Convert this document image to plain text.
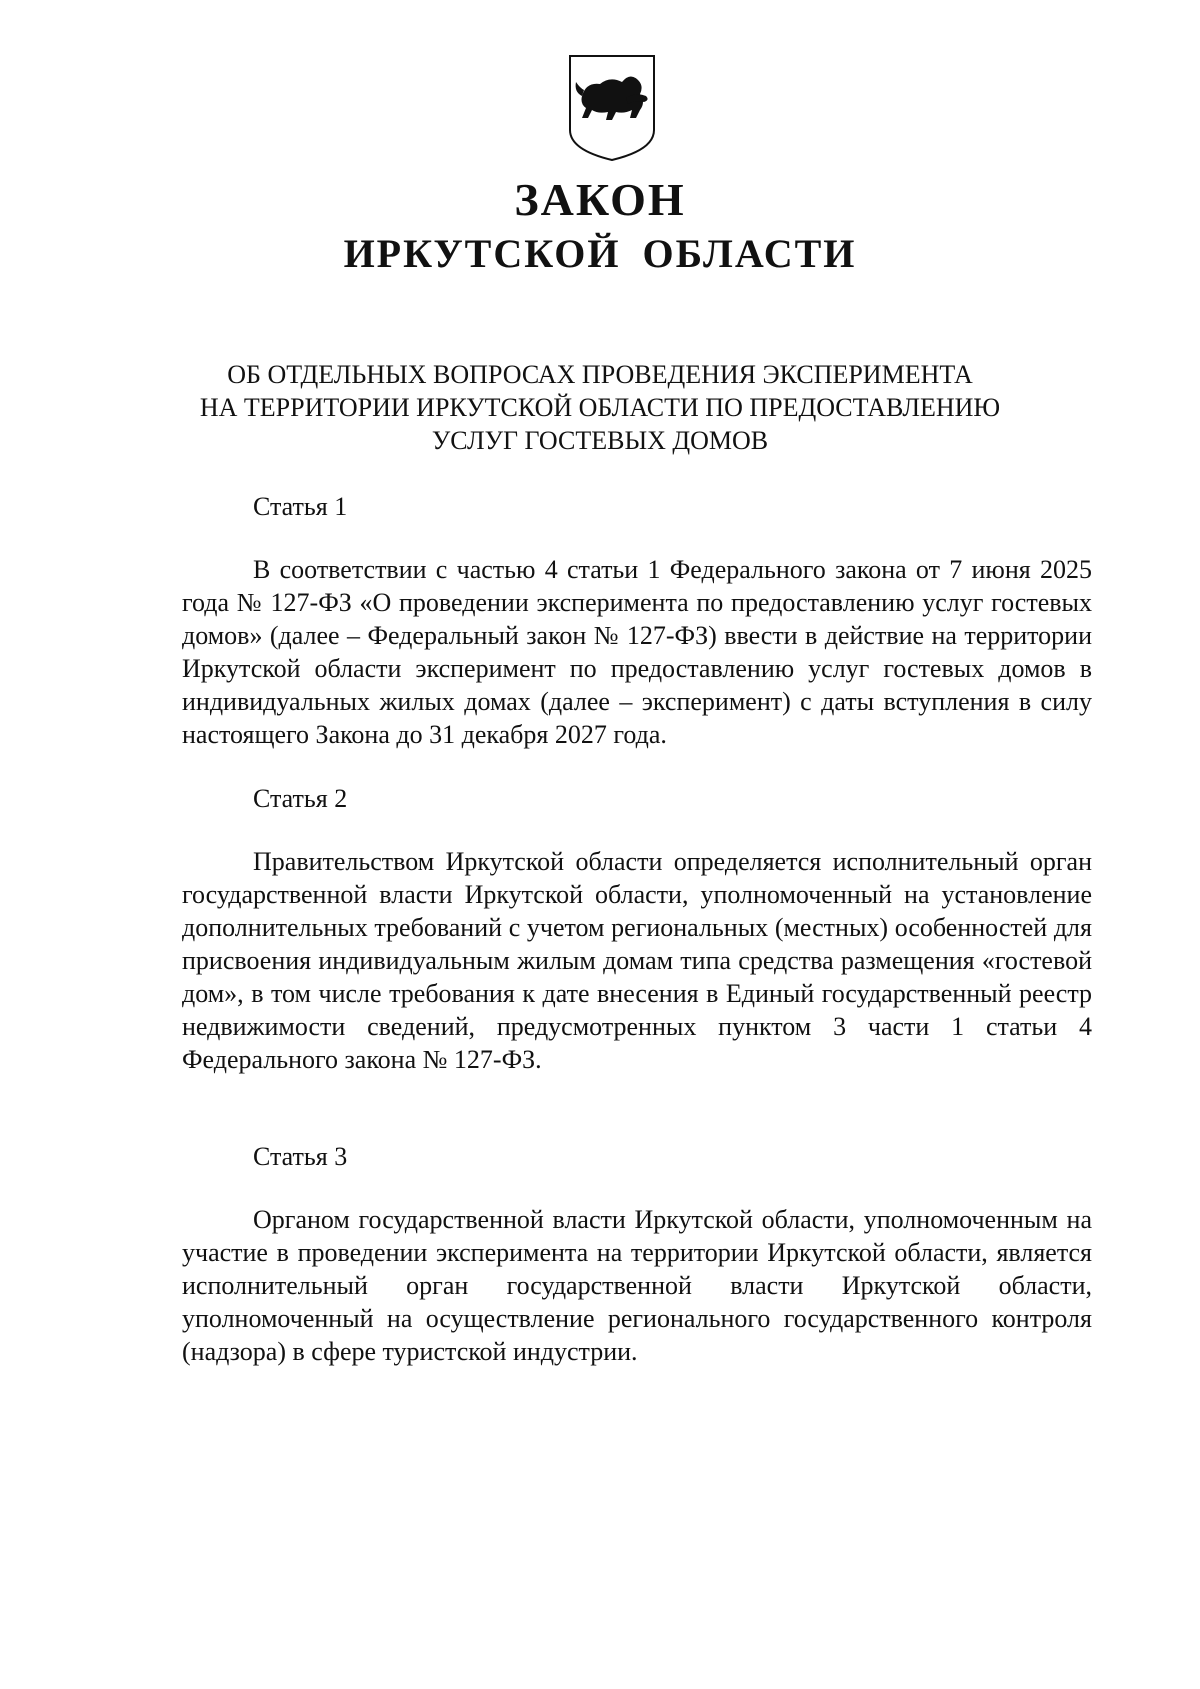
ЗАКОН
ИРКУТСКОЙ ОБЛАСТИ
ОБ ОТДЕЛЬНЫХ ВОПРОСАХ ПРОВЕДЕНИЯ ЭКСПЕРИМЕНТА
НА ТЕРРИТОРИИ ИРКУТСКОЙ ОБЛАСТИ ПО ПРЕДОСТАВЛЕНИЮ
УСЛУГ ГОСТЕВЫХ ДОМОВ
Статья 1

В соответствии с частью 4 статьи 1 Федерального закона от 7 июня 2025 года № 127-ФЗ «О проведении эксперимента по предоставлению услуг гостевых домов» (далее – Федеральный закон № 127-ФЗ) ввести в действие на территории Иркутской области эксперимент по предоставлению услуг гостевых домов в индивидуальных жилых домах (далее – эксперимент) с даты вступления в силу настоящего Закона до 31 декабря 2027 года.

Статья 2

Правительством Иркутской области определяется исполнительный орган государственной власти Иркутской области, уполномоченный на установление дополнительных требований с учетом региональных (местных) особенностей для присвоения индивидуальным жилым домам типа средства размещения «гостевой дом», в том числе требования к дате внесения в Единый государственный реестр недвижимости сведений, предусмотренных пунктом 3 части 1 статьи 4 Федерального закона № 127-ФЗ.

Статья 3

Органом государственной власти Иркутской области, уполномоченным на участие в проведении эксперимента на территории Иркутской области, является исполнительный орган государственной власти Иркутской области, уполномоченный на осуществление регионального государственного контроля (надзора) в сфере туристской индустрии.
